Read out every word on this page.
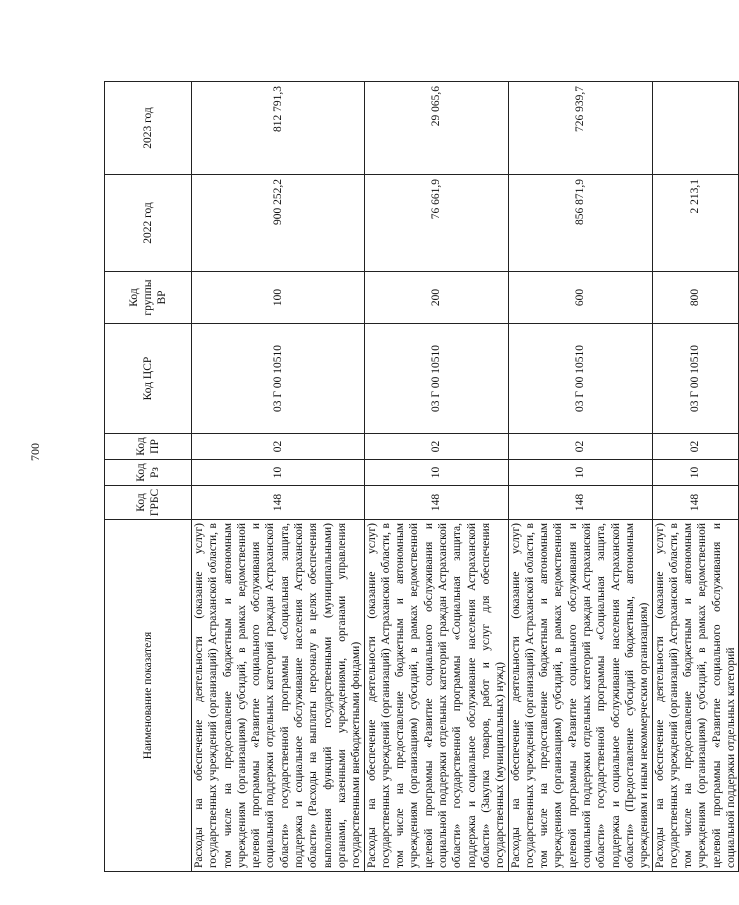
700
Наименование показателя	Код ГРБС	Код Рз	Код ПР	Код ЦСР	Код группы ВР	2022 год	2023 год
Расходы на обеспечение деятельности (оказание услуг) государственных учреждений (организаций) Астраханской области, в том числе на предоставление бюджетным и автономным учреждениям (организациям) субсидий, в рамках ведомственной целевой программы «Развитие социального обслуживания и социальной поддержки отдельных категорий граждан Астраханской области» государственной программы «Социальная защита, поддержка и социальное обслуживание населения Астраханской области» (Расходы на выплаты персоналу в целях обеспечения выполнения функций государственными (муниципальными) органами, казенными учреждениями, органами управления государственными внебюджетными фондами)	148	10	02	03 Г 00 10510	100	900 252,2	812 791,3
Расходы на обеспечение деятельности (оказание услуг) государственных учреждений (организаций) Астраханской области, в том числе на предоставление бюджетным и автономным учреждениям (организациям) субсидий, в рамках ведомственной целевой программы «Развитие социального обслуживания и социальной поддержки отдельных категорий граждан Астраханской области» государственной программы «Социальная защита, поддержка и социальное обслуживание населения Астраханской области» (Закупка товаров, работ и услуг для обеспечения государственных (муниципальных) нужд)	148	10	02	03 Г 00 10510	200	76 661,9	29 065,6
Расходы на обеспечение деятельности (оказание услуг) государственных учреждений (организаций) Астраханской области, в том числе на предоставление бюджетным и автономным учреждениям (организациям) субсидий, в рамках ведомственной целевой программы «Развитие социального обслуживания и социальной поддержки отдельных категорий граждан Астраханской области» государственной программы «Социальная защита, поддержка и социальное обслуживание населения Астраханской области» (Предоставление субсидий бюджетным, автономным учреждениям и иным некоммерческим организациям)	148	10	02	03 Г 00 10510	600	856 871,9	726 939,7
Расходы на обеспечение деятельности (оказание услуг) государственных учреждений (организаций) Астраханской области, в том числе на предоставление бюджетным и автономным учреждениям (организациям) субсидий, в рамках ведомственной целевой программы «Развитие социального обслуживания и социальной поддержки отдельных категорий	148	10	02	03 Г 00 10510	800	2 213,1	
